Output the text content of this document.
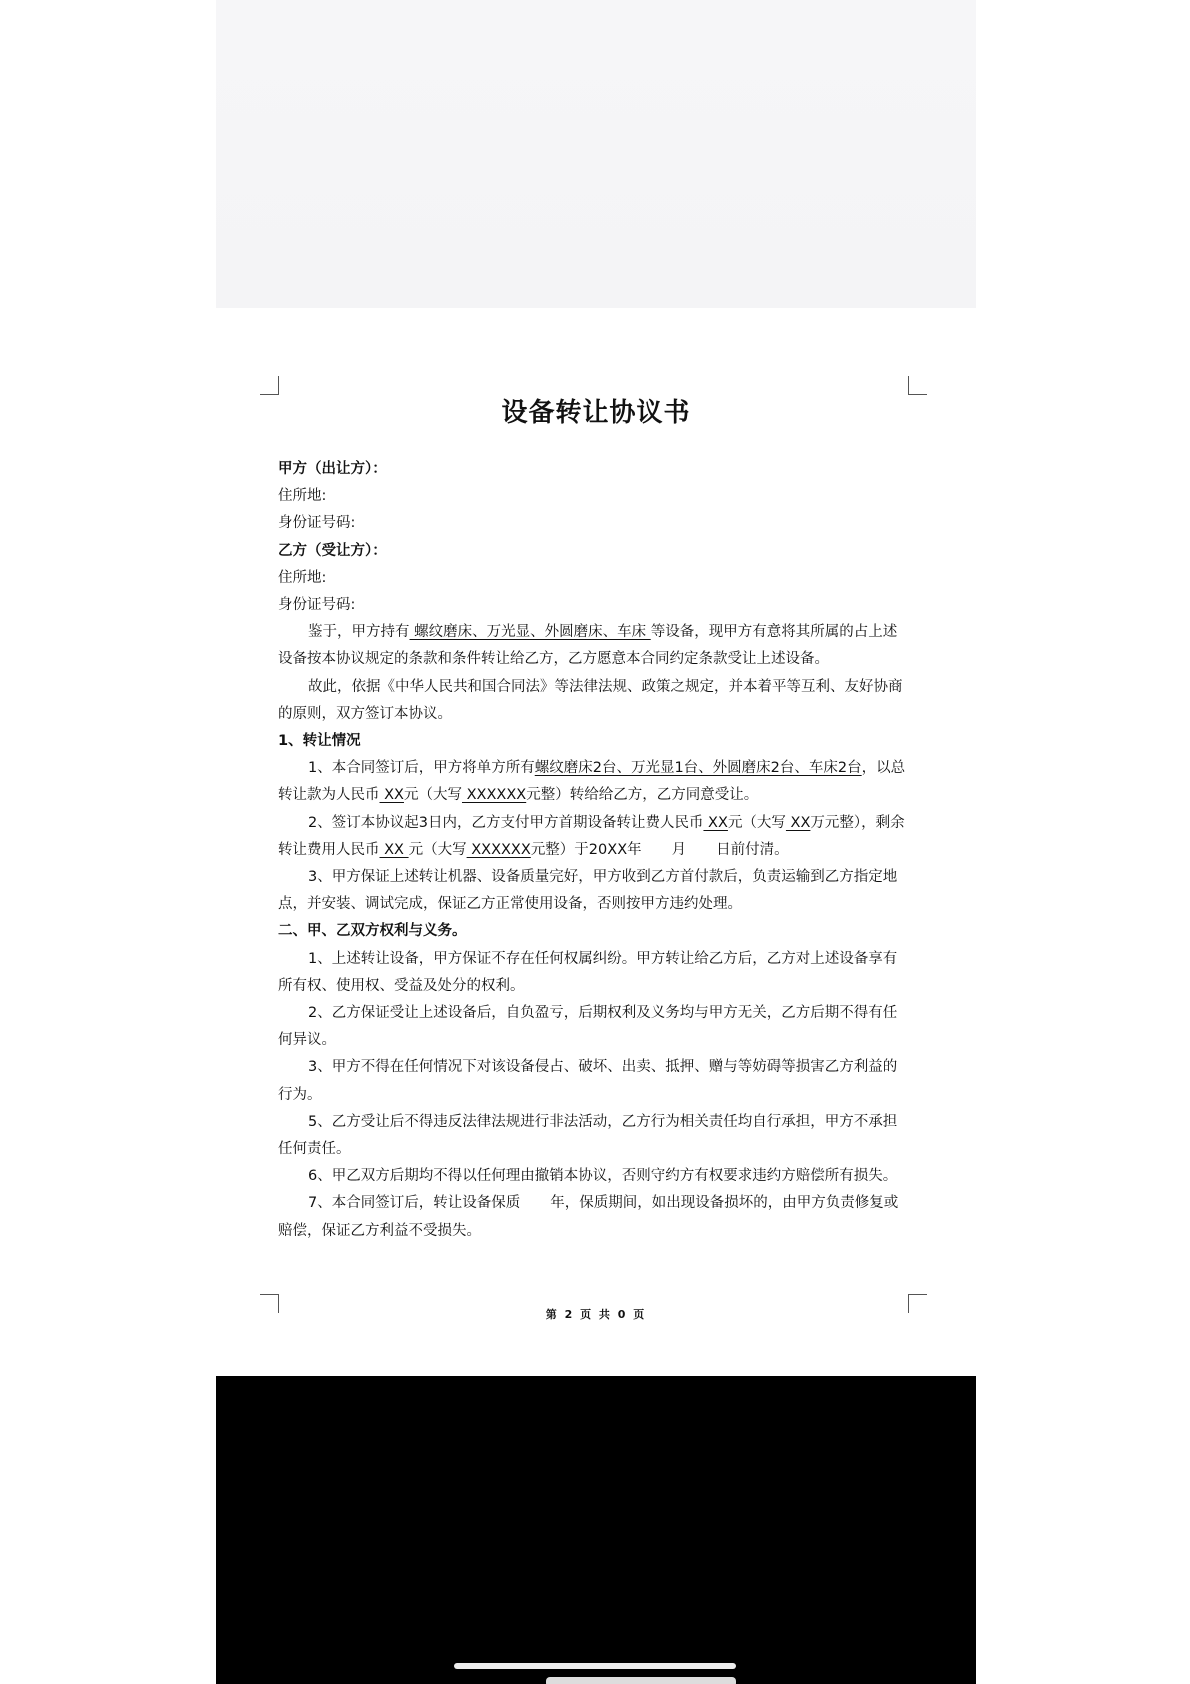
设备转让协议书

甲方（出让方）：

住所地:

身份证号码:

乙方（受让方）：

住所地:

身份证号码:

鉴于，甲方持有 螺纹磨床、万光显、外圆磨床、车床 等设备，现甲方有意将其所属的占上述设备按本协议规定的条款和条件转让给乙方，乙方愿意本合同约定条款受让上述设备。

故此，依据《中华人民共和国合同法》等法律法规、政策之规定，并本着平等互利、友好协商的原则，双方签订本协议。

1、转让情况

1、本合同签订后，甲方将单方所有螺纹磨床2台、万光显1台、外圆磨床2台、车床2台，以总转让款为人民币 XX元（大写 XXXXXX元整）转给给乙方，乙方同意受让。

2、签订本协议起3日内，乙方支付甲方首期设备转让费人民币 XX元（大写 XX万元整），剩余转让费用人民币 XX 元（大写 XXXXXX元整）于20XX年 月 日前付清。

3、甲方保证上述转让机器、设备质量完好，甲方收到乙方首付款后，负责运输到乙方指定地点，并安装、调试完成，保证乙方正常使用设备，否则按甲方违约处理。

二、甲、乙双方权利与义务。

1、上述转让设备，甲方保证不存在任何权属纠纷。甲方转让给乙方后，乙方对上述设备享有所有权、使用权、受益及处分的权利。

2、乙方保证受让上述设备后，自负盈亏，后期权利及义务均与甲方无关，乙方后期不得有任何异议。

3、甲方不得在任何情况下对该设备侵占、破坏、出卖、抵押、赠与等妨碍等损害乙方利益的行为。

5、乙方受让后不得违反法律法规进行非法活动，乙方行为相关责任均自行承担，甲方不承担任何责任。

6、甲乙双方后期均不得以任何理由撤销本协议，否则守约方有权要求违约方赔偿所有损失。

7、本合同签订后，转让设备保质 年，保质期间，如出现设备损坏的，由甲方负责修复或赔偿，保证乙方利益不受损失。

第 2 页 共 0 页
